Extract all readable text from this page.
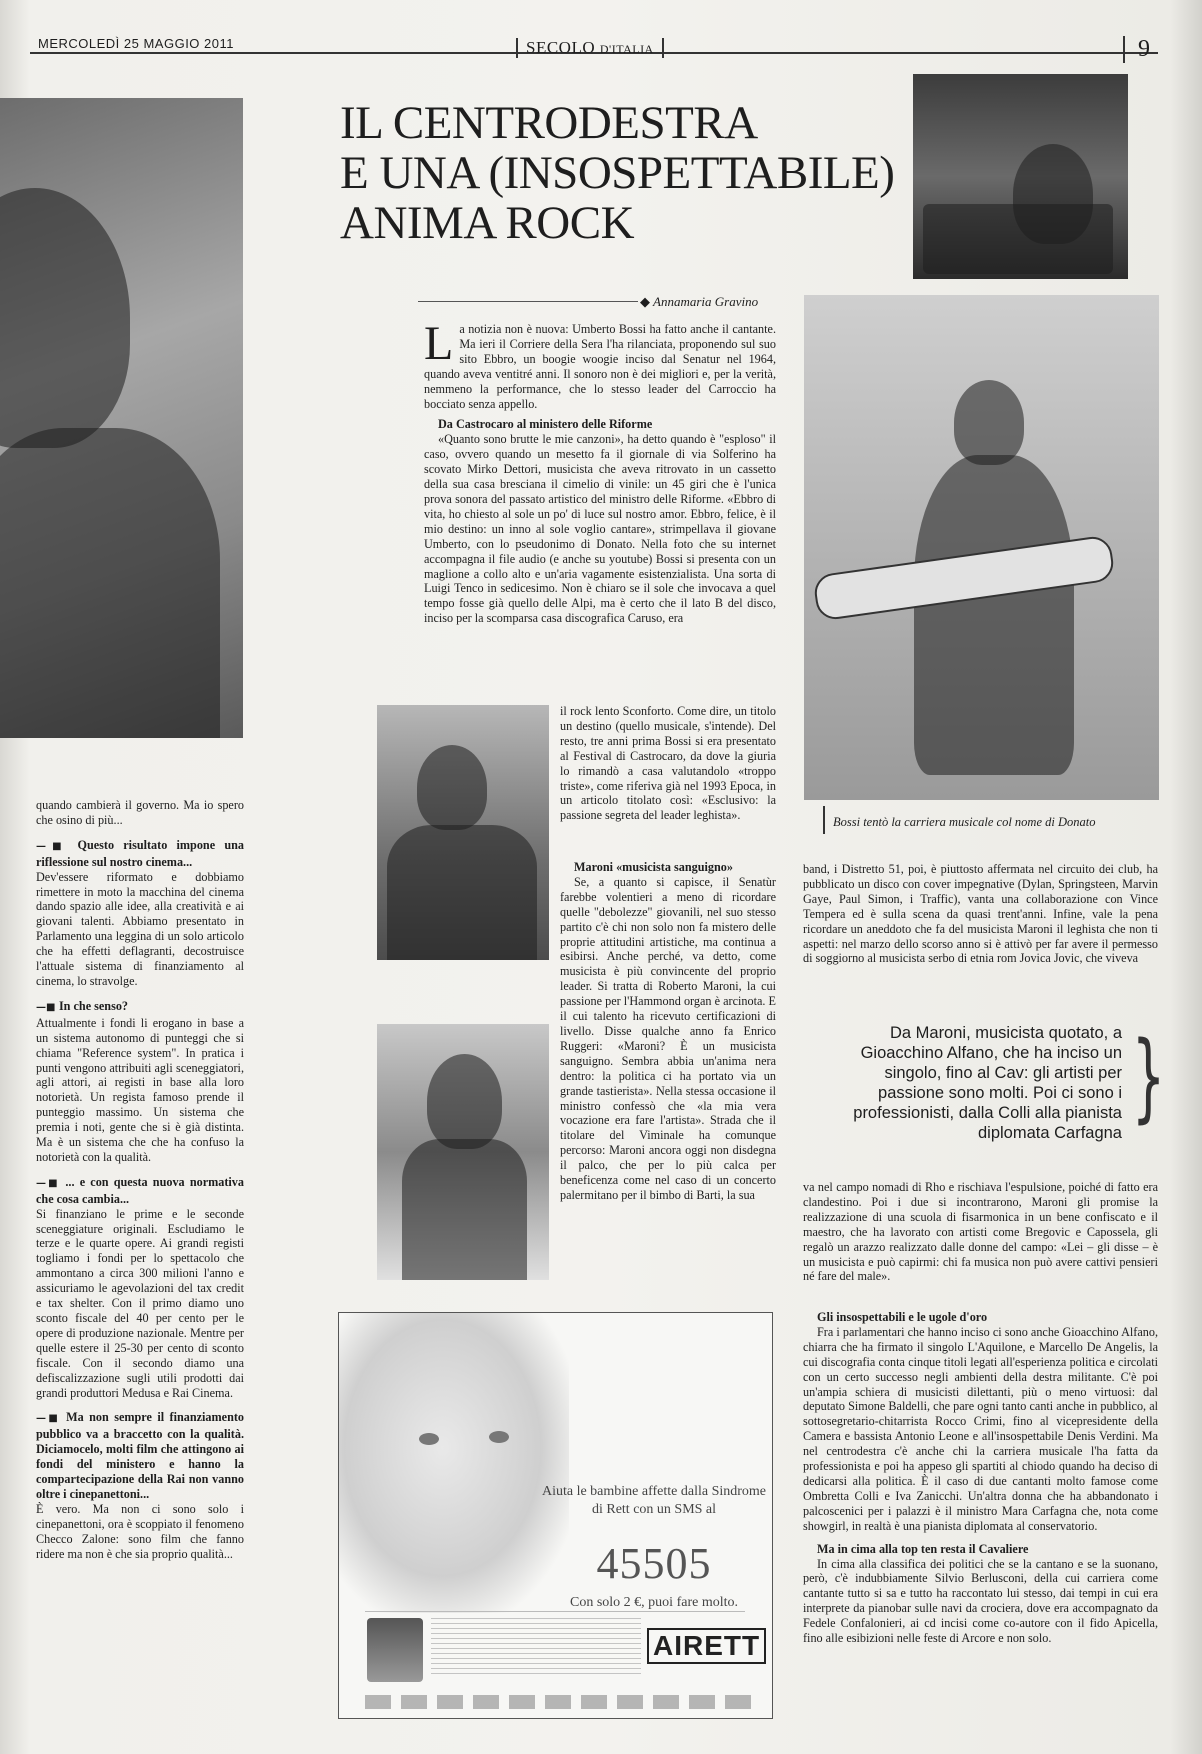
MERCOLEDÌ 25 MAGGIO 2011	SECOLO D'ITALIA	9
Bossi tentò la carriera musicale col nome di Donato
IL CENTRODESTRA
E UNA (INSOSPETTABILE)
ANIMA ROCK
◆ Annamaria Gravino

La notizia non è nuova: Umberto Bossi ha fatto anche il cantante. Ma ieri il Corriere della Sera l'ha rilanciata, proponendo sul suo sito Ebbro, un boogie woogie inciso dal Senatur nel 1964, quando aveva ventitré anni. Il sonoro non è dei migliori e, per la verità, nemmeno la performance, che lo stesso leader del Carroccio ha bocciato senza appello.

Da Castrocaro al ministero delle Riforme

«Quanto sono brutte le mie canzoni», ha detto quando è "esploso" il caso, ovvero quando un mesetto fa il giornale di via Solferino ha scovato Mirko Dettori, musicista che aveva ritrovato in un cassetto della sua casa bresciana il cimelio di vinile: un 45 giri che è l'unica prova sonora del passato artistico del ministro delle Riforme. «Ebbro di vita, ho chiesto al sole un po' di luce sul nostro amor. Ebbro, felice, è il mio destino: un inno al sole voglio cantare», strimpellava il giovane Umberto, con lo pseudonimo di Donato. Nella foto che su internet accompagna il file audio (e anche su youtube) Bossi si presenta con un maglione a collo alto e un'aria vagamente esistenzialista. Una sorta di Luigi Tenco in sedicesimo. Non è chiaro se il sole che invocava a quel tempo fosse già quello delle Alpi, ma è certo che il lato B del disco, inciso per la scomparsa casa discografica Caruso, era

il rock lento Sconforto. Come dire, un titolo un destino (quello musicale, s'intende). Del resto, tre anni prima Bossi si era presentato al Festival di Castrocaro, da dove la giuria lo rimandò a casa valutandolo «troppo triste», come riferiva già nel 1993 Epoca, in un articolo titolato così: «Esclusivo: la passione segreta del leader leghista».

Maroni «musicista sanguigno»

Se, a quanto si capisce, il Senatùr farebbe volentieri a meno di ricordare quelle "debolezze" giovanili, nel suo stesso partito c'è chi non solo non fa mistero delle proprie attitudini artistiche, ma continua a esibirsi. Anche perché, va detto, come musicista è più convincente del proprio leader. Si tratta di Roberto Maroni, la cui passione per l'Hammond organ è arcinota. E il cui talento ha ricevuto certificazioni di livello. Disse qualche anno fa Enrico Ruggeri: «Maroni? È un musicista sanguigno. Sembra abbia un'anima nera dentro: la politica ci ha portato via un grande tastierista». Nella stessa occasione il ministro confessò che «la mia vera vocazione era fare l'artista». Strada che il titolare del Viminale ha comunque percorso: Maroni ancora oggi non disdegna il palco, che per lo più calca per beneficenza come nel caso di un concerto palermitano per il bimbo di Barti, la sua

band, i Distretto 51, poi, è piuttosto affermata nel circuito dei club, ha pubblicato un disco con cover impegnative (Dylan, Springsteen, Marvin Gaye, Paul Simon, i Traffic), vanta una collaborazione con Vince Tempera ed è sulla scena da quasi trent'anni. Infine, vale la pena ricordare un aneddoto che fa del musicista Maroni il leghista che non ti aspetti: nel marzo dello scorso anno si è attivò per far avere il permesso di soggiorno al musicista serbo di etnia rom Jovica Jovic, che viveva

Da Maroni, musicista quotato, a Gioacchino Alfano, che ha inciso un singolo, fino al Cav: gli artisti per passione sono molti. Poi ci sono i professionisti, dalla Colli alla pianista diplomata Carfagna }

va nel campo nomadi di Rho e rischiava l'espulsione, poiché di fatto era clandestino. Poi i due si incontrarono, Maroni gli promise la realizzazione di una scuola di fisarmonica in un bene confiscato e il maestro, che ha lavorato con artisti come Bregovic e Capossela, gli regalò un arazzo realizzato dalle donne del campo: «Lei – gli disse – è un musicista e può capirmi: chi fa musica non può avere cattivi pensieri né fare del male».

Gli insospettabili e le ugole d'oro

Fra i parlamentari che hanno inciso ci sono anche Gioacchino Alfano, chiarra che ha firmato il singolo L'Aquilone, e Marcello De Angelis, la cui discografia conta cinque titoli legati all'esperienza politica e circolati con un certo successo negli ambienti della destra militante. C'è poi un'ampia schiera di musicisti dilettanti, più o meno virtuosi: dal deputato Simone Baldelli, che pare ogni tanto canti anche in pubblico, al sottosegretario-chitarrista Rocco Crimi, fino al vicepresidente della Camera e bassista Antonio Leone e all'insospettabile Denis Verdini. Ma nel centrodestra c'è anche chi la carriera musicale l'ha fatta da professionista e poi ha appeso gli spartiti al chiodo quando ha deciso di dedicarsi alla politica. È il caso di due cantanti molto famose come Ombretta Colli e Iva Zanicchi. Un'altra donna che ha abbandonato i palcoscenici per i palazzi è il ministro Mara Carfagna che, nota come showgirl, in realtà è una pianista diplomata al conservatorio.

Ma in cima alla top ten resta il Cavaliere

In cima alla classifica dei politici che se la cantano e se la suonano, però, c'è indubbiamente Silvio Berlusconi, della cui carriera come cantante tutto si sa e tutto ha raccontato lui stesso, dai tempi in cui era interprete da pianobar sulle navi da crociera, dove era accompagnato da Fedele Confalonieri, ai cd incisi come co-autore con il fido Apicella, fino alle esibizioni nelle feste di Arcore e non solo.

quando cambierà il governo. Ma io spero che osino di più...

—■ Questo risultato impone una riflessione sul nostro cinema...

Dev'essere riformato e dobbiamo rimettere in moto la macchina del cinema dando spazio alle idee, alla creatività e ai giovani talenti. Abbiamo presentato in Parlamento una leggina di un solo articolo che ha effetti deflagranti, decostruisce l'attuale sistema di finanziamento al cinema, lo stravolge.

—■ In che senso?

Attualmente i fondi li erogano in base a un sistema autonomo di punteggi che si chiama "Reference system". In pratica i punti vengono attribuiti agli sceneggiatori, agli attori, ai registi in base alla loro notorietà. Un regista famoso prende il punteggio massimo. Un sistema che premia i noti, gente che si è già distinta. Ma è un sistema che che ha confuso la notorietà con la qualità.

—■ ... e con questa nuova normativa che cosa cambia...

Si finanziano le prime e le seconde sceneggiature originali. Escludiamo le terze e le quarte opere. Ai grandi registi togliamo i fondi per lo spettacolo che ammontano a circa 300 milioni l'anno e assicuriamo le agevolazioni del tax credit e tax shelter. Con il primo diamo uno sconto fiscale del 40 per cento per le opere di produzione nazionale. Mentre per quelle estere il 25-30 per cento di sconto fiscale. Con il secondo diamo una defiscalizzazione sugli utili prodotti dai grandi produttori Medusa e Rai Cinema.

—■ Ma non sempre il finanziamento pubblico va a braccetto con la qualità. Diciamocelo, molti film che attingono ai fondi del ministero e hanno la compartecipazione della Rai non vanno oltre i cinepanettoni...

È vero. Ma non ci sono solo i cinepanettoni, ora è scoppiato il fenomeno Checco Zalone: sono film che fanno ridere ma non è che sia proprio qualità...

Aiuta le bambine affette dalla Sindrome di Rett con un SMS al
45505
Con solo 2 €, puoi fare molto.
AIRETT
